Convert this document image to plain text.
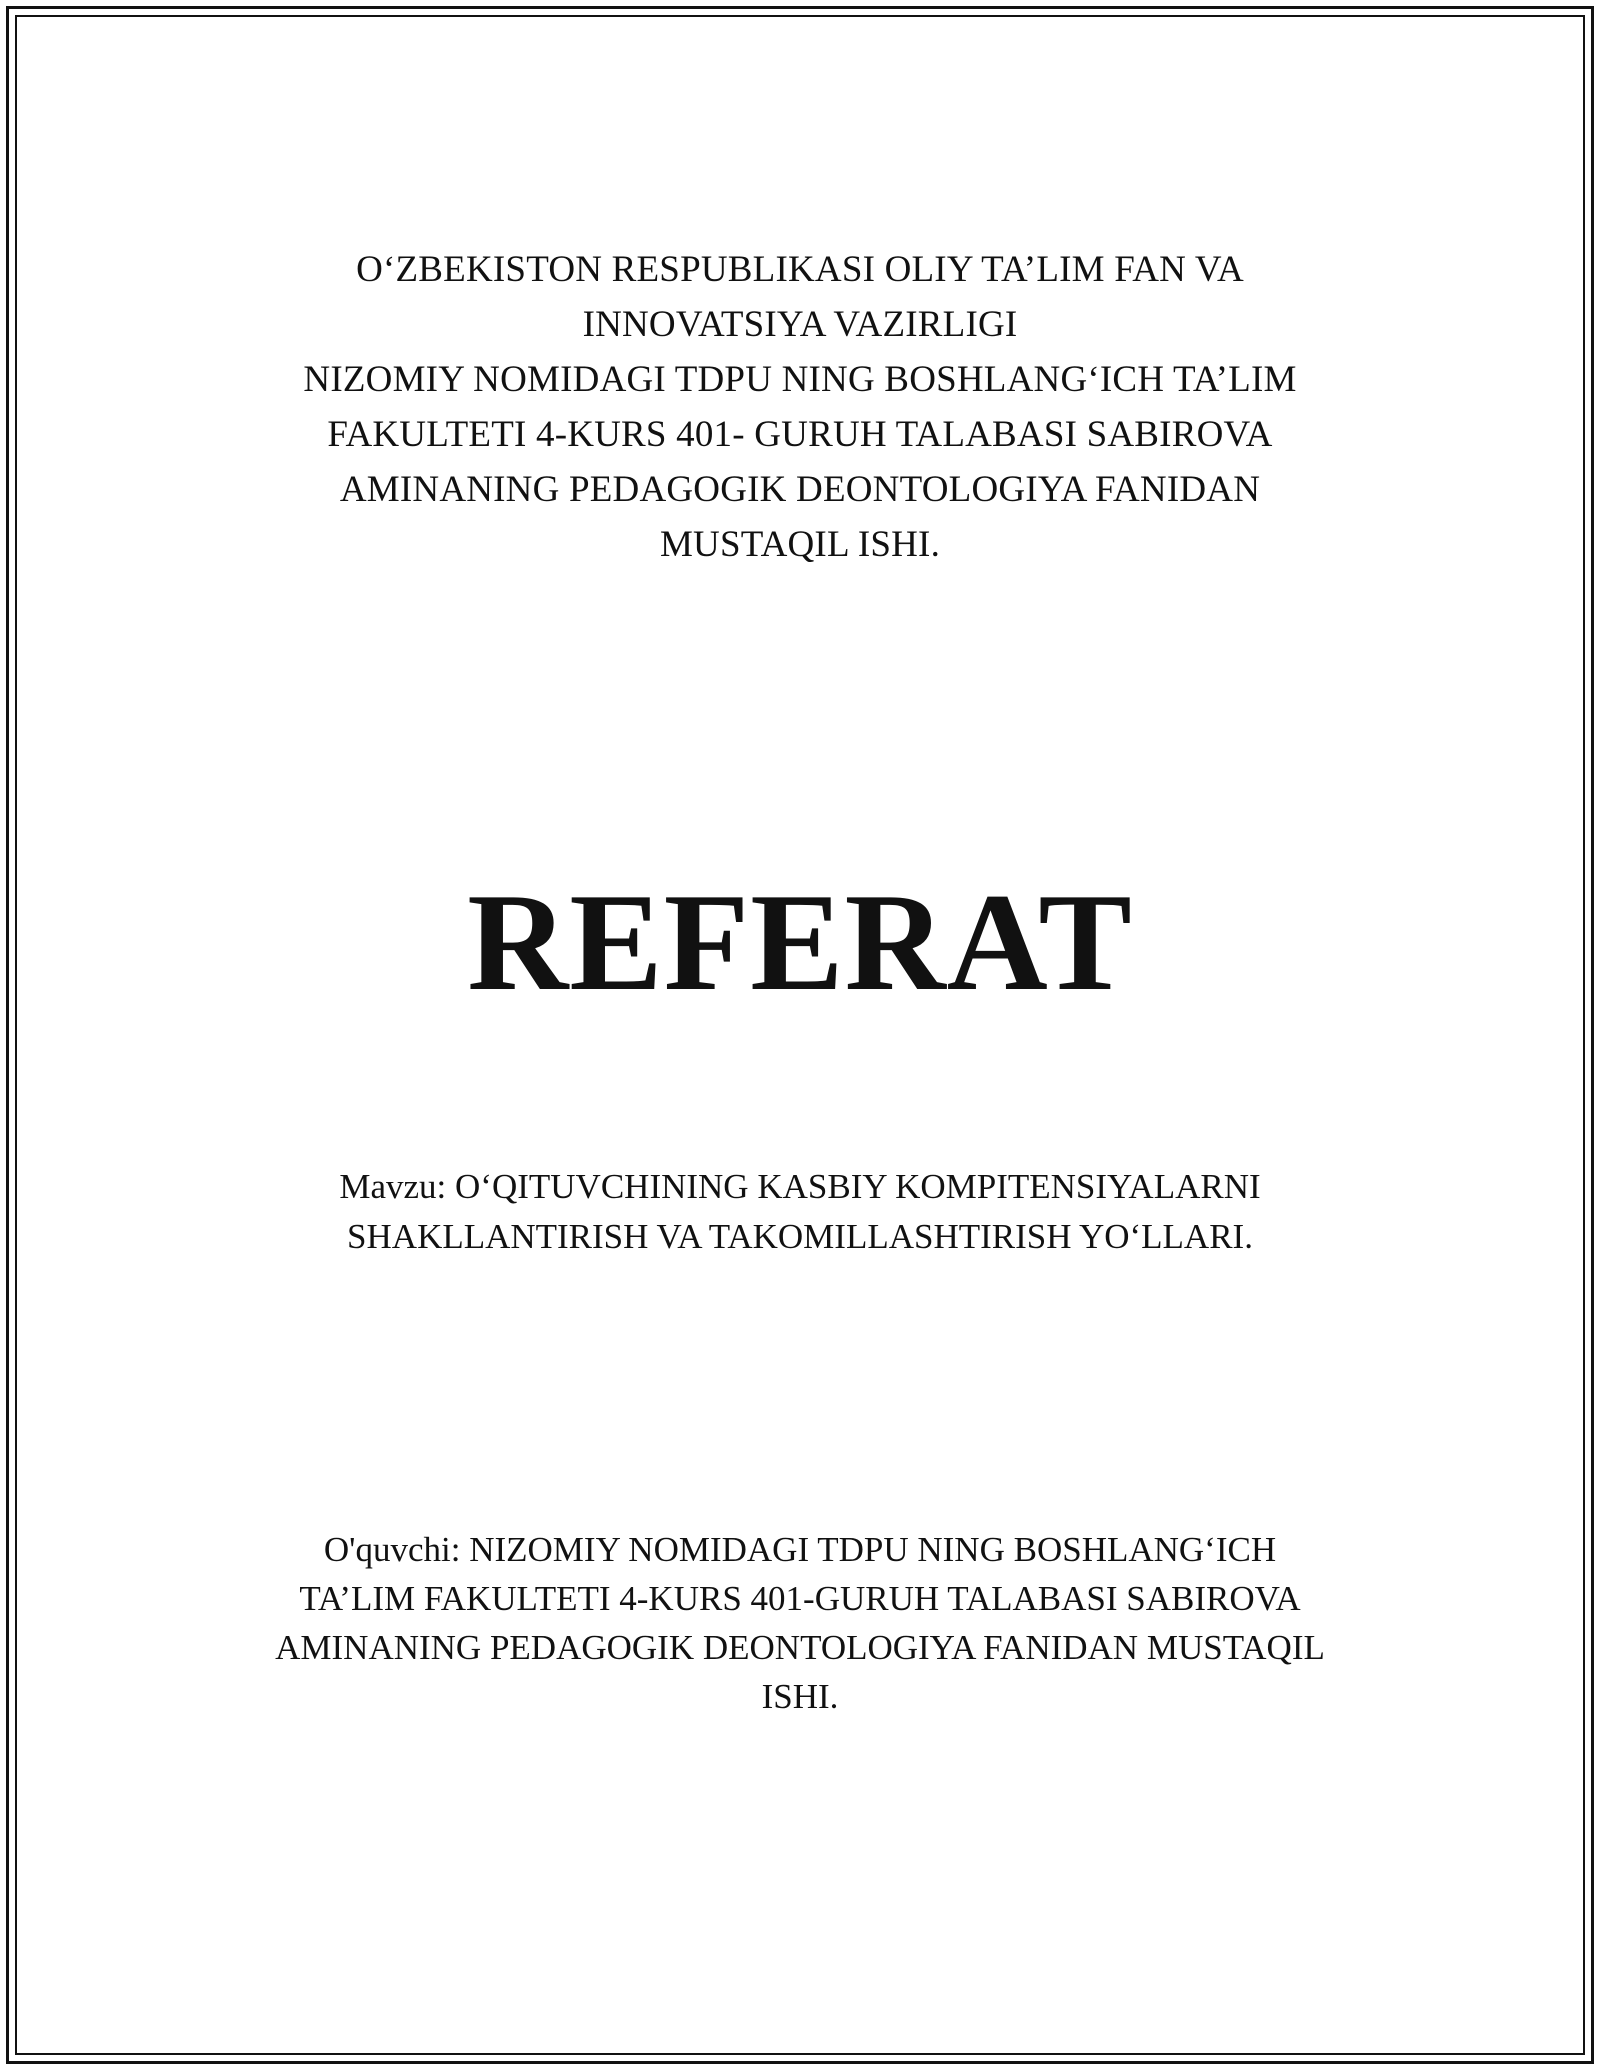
O‘ZBEKISTON RESPUBLIKASI OLIY TA’LIM FAN VA
INNOVATSIYA VAZIRLIGI
NIZOMIY NOMIDAGI TDPU NING BOSHLANG‘ICH TA’LIM
FAKULTETI 4-KURS 401- GURUH TALABASI SABIROVA
AMINANING PEDAGOGIK DEONTOLOGIYA FANIDAN
MUSTAQIL ISHI.
REFERAT
Mavzu: O‘QITUVCHINING KASBIY KOMPITENSIYALARNI
SHAKLLANTIRISH VA TAKOMILLASHTIRISH YO‘LLARI.
O'quvchi: NIZOMIY NOMIDAGI TDPU NING BOSHLANG‘ICH
TA’LIM FAKULTETI 4-KURS 401-GURUH TALABASI SABIROVA
AMINANING PEDAGOGIK DEONTOLOGIYA FANIDAN MUSTAQIL
ISHI.
